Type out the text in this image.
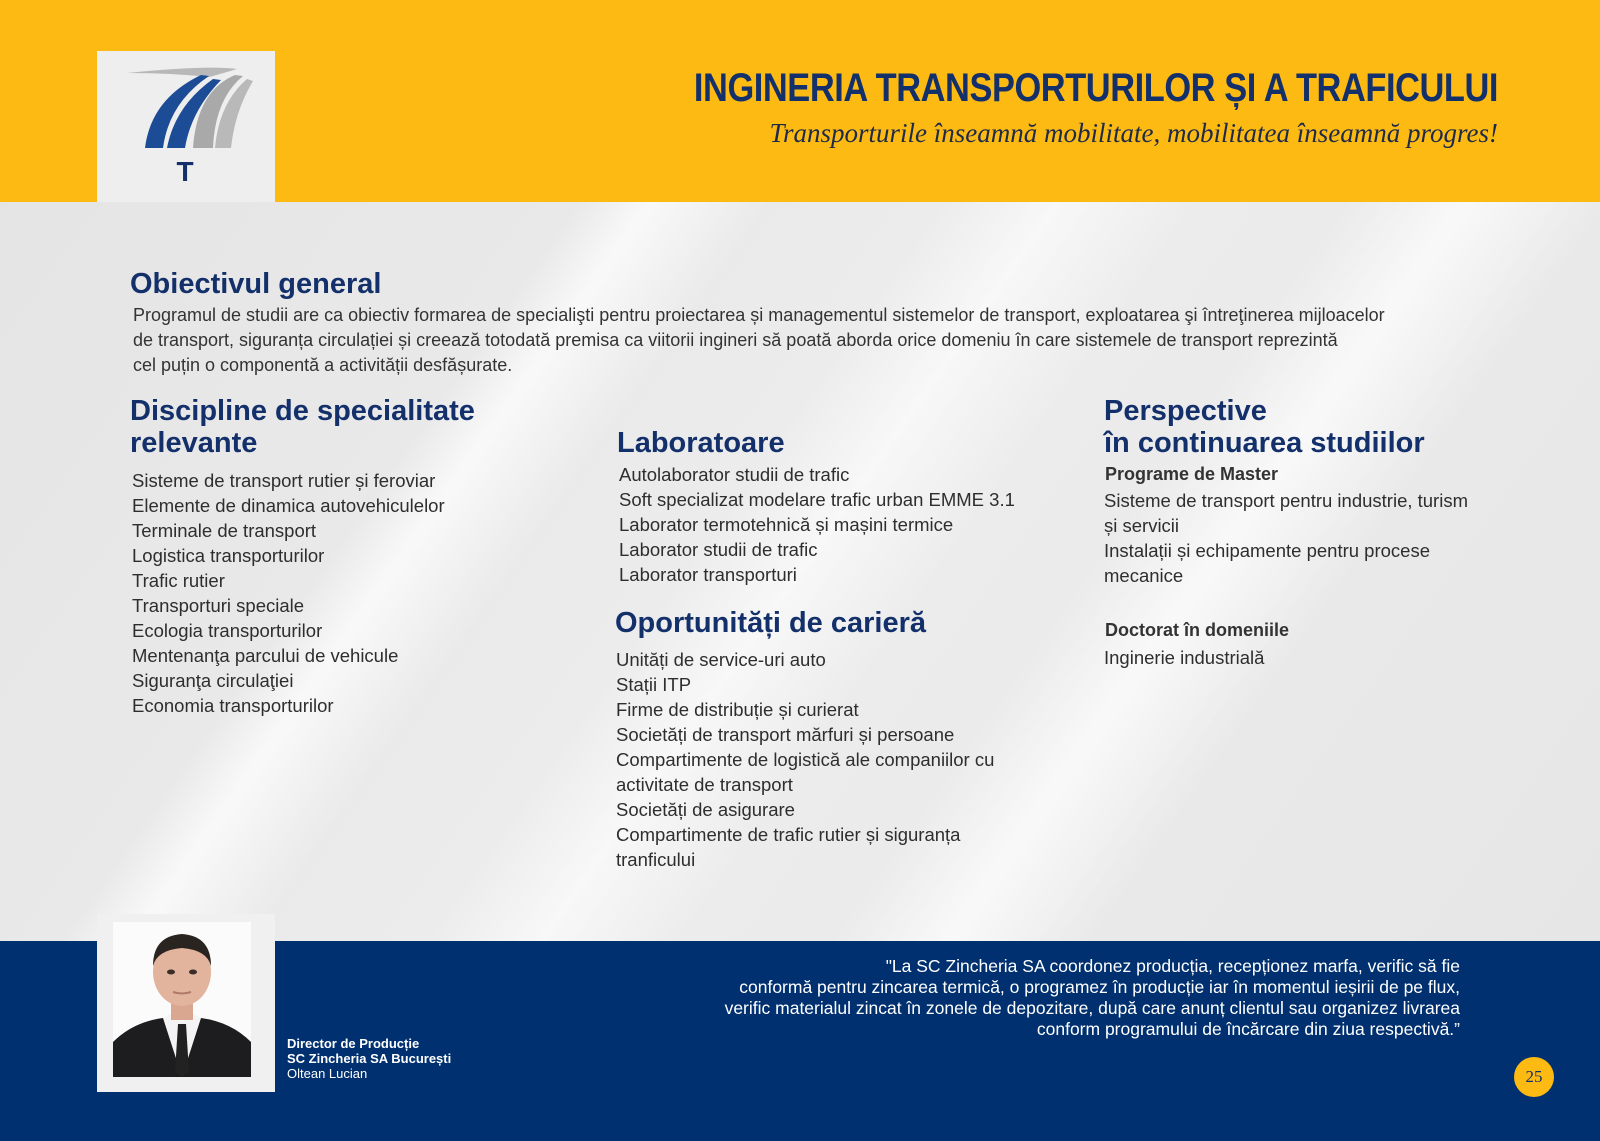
T
INGINERIA TRANSPORTURILOR ȘI A TRAFICULUI
Transporturile înseamnă mobilitate, mobilitatea înseamnă progres!
Obiectivul general
Programul de studii are ca obiectiv formarea de specialişti pentru proiectarea și managementul sistemelor de transport, exploatarea şi întreţinerea mijloacelor
de transport, siguranța circulației și creează totodată premisa ca viitorii ingineri să poată aborda orice domeniu în care sistemele de transport reprezintă
cel puțin o componentă a activității desfășurate.
Discipline de specialitate
relevante
Sisteme de transport rutier și feroviar
Elemente de dinamica autovehiculelor
Terminale de transport
Logistica transporturilor
Trafic rutier
Transporturi speciale
Ecologia transporturilor
Mentenanţa parcului de vehicule
Siguranţa circulaţiei
Economia transporturilor
Laboratoare
Autolaborator studii de trafic
Soft specializat modelare trafic urban EMME 3.1
Laborator termotehnică și mașini termice
Laborator studii de trafic
Laborator transporturi
Oportunități de carieră
Unități de service-uri auto
Stații ITP
Firme de distribuție și curierat
Societăți de transport mărfuri și persoane
Compartimente de logistică ale companiilor cu
activitate de transport
Societăți de asigurare
Compartimente de trafic rutier și siguranța
tranficului
Perspective
în continuarea studiilor
Programe de Master
Sisteme de transport pentru industrie, turism
și servicii
Instalații și echipamente pentru procese
mecanice
Doctorat în domeniile
Inginerie industrială
Director de Producție
SC Zincheria SA București
Oltean Lucian
"La SC Zincheria SA coordonez producția, recepționez marfa, verific să fie
conformă pentru zincarea termică, o programez în producție iar în momentul ieșirii de pe flux,
verific materialul zincat în zonele de depozitare, după care anunț clientul sau organizez livrarea
conform programului de încărcare din ziua respectivă.”
25
